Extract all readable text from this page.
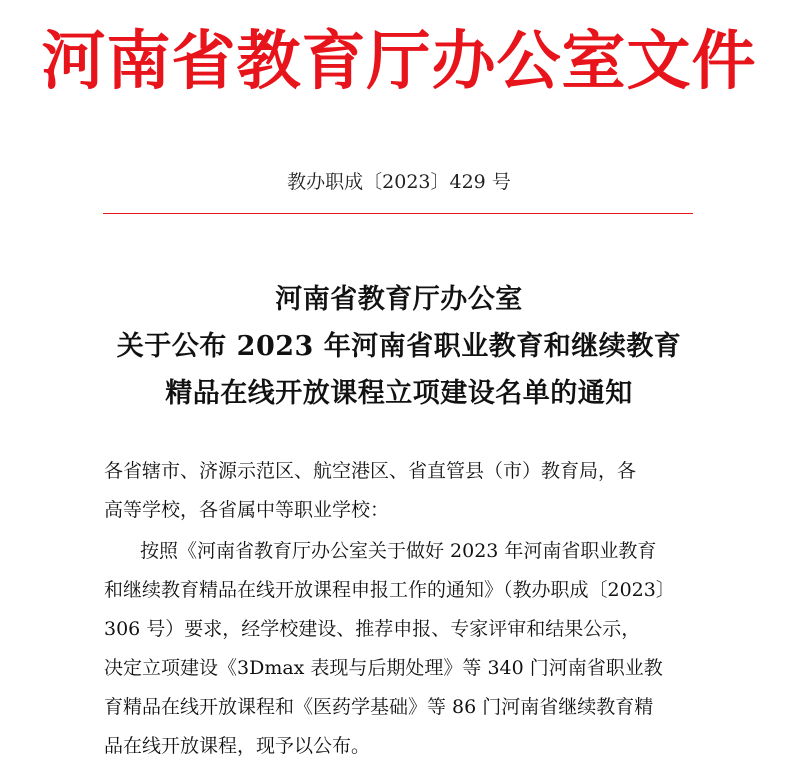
河南省教育厅办公室文件
教办职成〔2023〕429 号
河南省教育厅办公室
关于公布 2023 年河南省职业教育和继续教育
精品在线开放课程立项建设名单的通知
各省辖市、济源示范区、航空港区、省直管县（市）教育局，各
高等学校，各省属中等职业学校：
按照《河南省教育厅办公室关于做好 2023 年河南省职业教育
和继续教育精品在线开放课程申报工作的通知》（教办职成〔2023〕
306 号）要求，经学校建设、推荐申报、专家评审和结果公示，
决定立项建设《3Dmax 表现与后期处理》等 340 门河南省职业教
育精品在线开放课程和《医药学基础》等 86 门河南省继续教育精
品在线开放课程，现予以公布。
